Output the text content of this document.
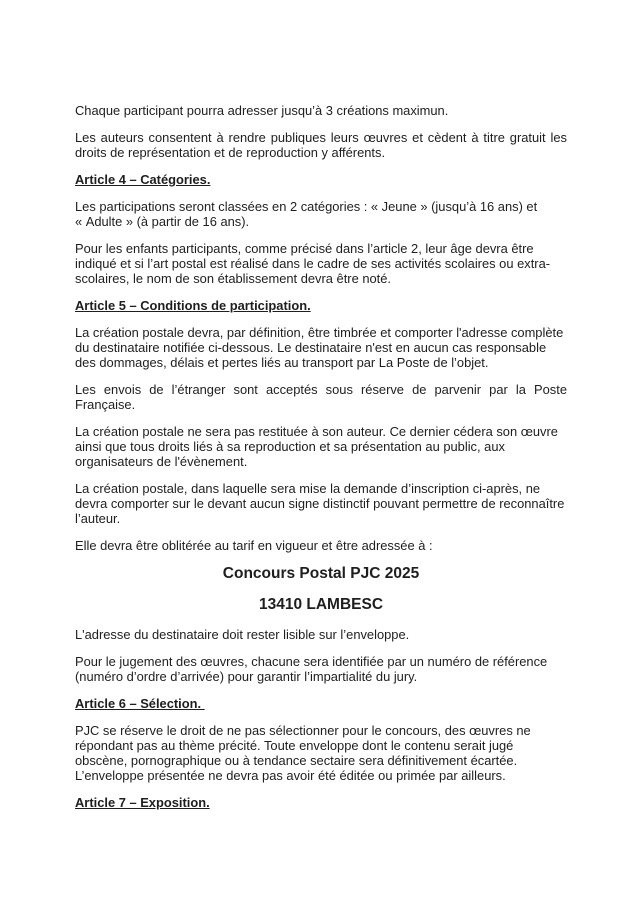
Chaque participant pourra adresser jusqu’à 3 créations maximun.

Les auteurs consentent à rendre publiques leurs œuvres et cèdent à titre gratuit les droits de représentation et de reproduction y afférents.

Article 4 – Catégories.

Les participations seront classées en 2 catégories : « Jeune » (jusqu’à 16 ans) et « Adulte » (à partir de 16 ans).

Pour les enfants participants, comme précisé dans l’article 2, leur âge devra être indiqué et si l’art postal est réalisé dans le cadre de ses activités scolaires ou extra-scolaires, le nom de son établissement devra être noté.

Article 5 – Conditions de participation.

La création postale devra, par définition, être timbrée et comporter l'adresse complète du destinataire notifiée ci-dessous. Le destinataire n'est en aucun cas responsable des dommages, délais et pertes liés au transport par La Poste de l’objet.

Les envois de l’étranger sont acceptés sous réserve de parvenir par la Poste Française.

La création postale ne sera pas restituée à son auteur. Ce dernier cédera son œuvre ainsi que tous droits liés à sa reproduction et sa présentation au public, aux organisateurs de l'évènement.

La création postale, dans laquelle sera mise la demande d’inscription ci-après, ne devra comporter sur le devant aucun signe distinctif pouvant permettre de reconnaître l’auteur.

Elle devra être oblitérée au tarif en vigueur et être adressée à :

Concours Postal PJC 2025

13410 LAMBESC

L'adresse du destinataire doit rester lisible sur l’enveloppe.

Pour le jugement des œuvres, chacune sera identifiée par un numéro de référence (numéro d’ordre d’arrivée) pour garantir l’impartialité du jury.

Article 6 – Sélection.

PJC se réserve le droit de ne pas sélectionner pour le concours, des œuvres ne répondant pas au thème précité. Toute enveloppe dont le contenu serait jugé obscène, pornographique ou à tendance sectaire sera définitivement écartée. L’enveloppe présentée ne devra pas avoir été éditée ou primée par ailleurs.

Article 7 – Exposition.
